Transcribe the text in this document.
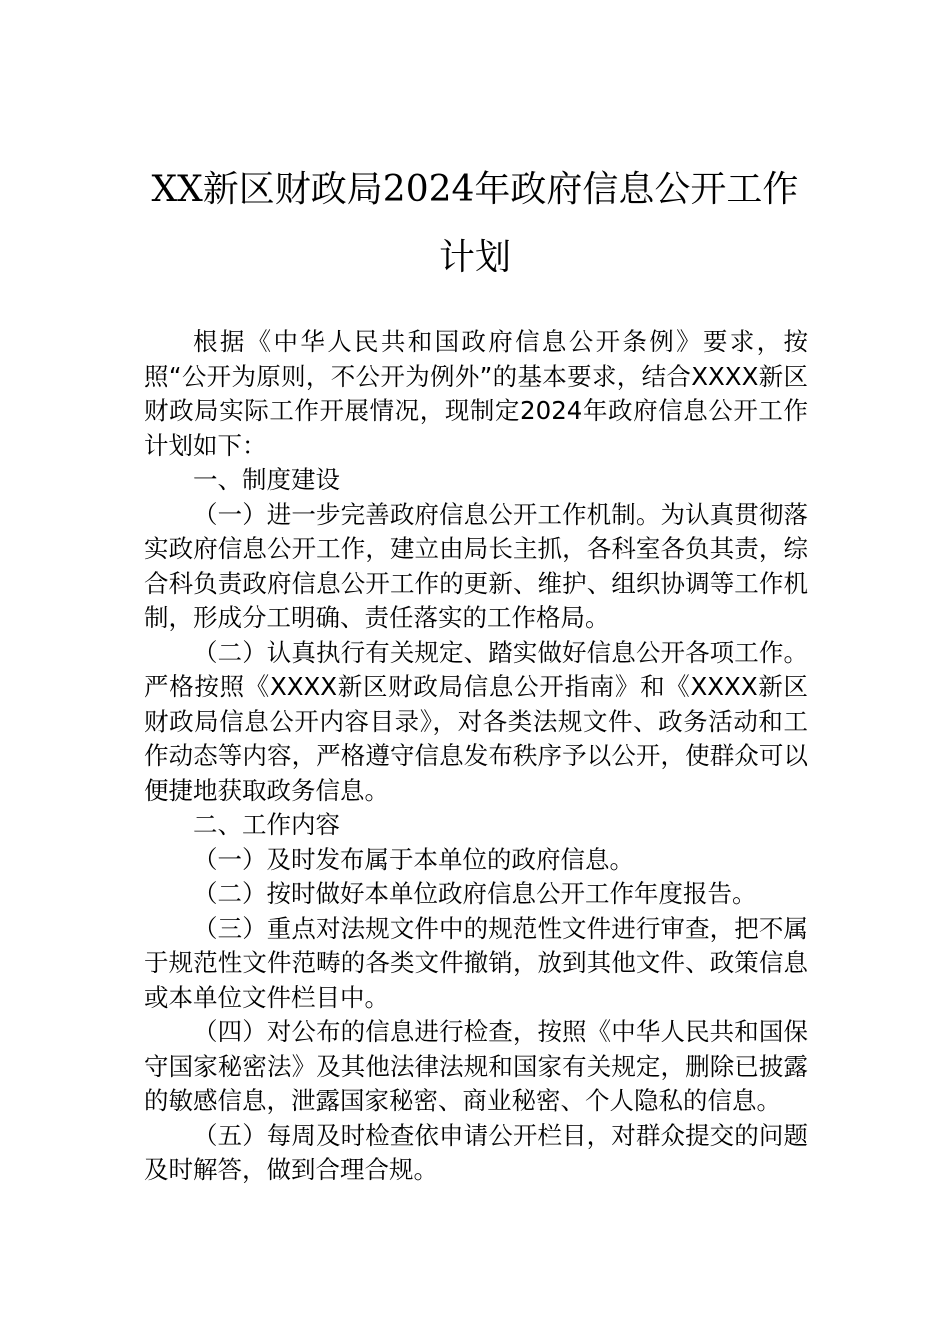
XX新区财政局2024年政府信息公开工作
计划

根据《中华人民共和国政府信息公开条例》要求，按照“公开为原则，不公开为例外”的基本要求，结合XXXX新区财政局实际工作开展情况，现制定2024年政府信息公开工作计划如下：

一、制度建设

（一）进一步完善政府信息公开工作机制。为认真贯彻落实政府信息公开工作，建立由局长主抓，各科室各负其责，综合科负责政府信息公开工作的更新、维护、组织协调等工作机制，形成分工明确、责任落实的工作格局。

（二）认真执行有关规定、踏实做好信息公开各项工作。严格按照《XXXX新区财政局信息公开指南》和《XXXX新区财政局信息公开内容目录》，对各类法规文件、政务活动和工作动态等内容，严格遵守信息发布秩序予以公开，使群众可以便捷地获取政务信息。

二、工作内容

（一）及时发布属于本单位的政府信息。

（二）按时做好本单位政府信息公开工作年度报告。

（三）重点对法规文件中的规范性文件进行审查，把不属于规范性文件范畴的各类文件撤销，放到其他文件、政策信息或本单位文件栏目中。

（四）对公布的信息进行检查，按照《中华人民共和国保守国家秘密法》及其他法律法规和国家有关规定，删除已披露的敏感信息，泄露国家秘密、商业秘密、个人隐私的信息。

（五）每周及时检查依申请公开栏目，对群众提交的问题及时解答，做到合理合规。
